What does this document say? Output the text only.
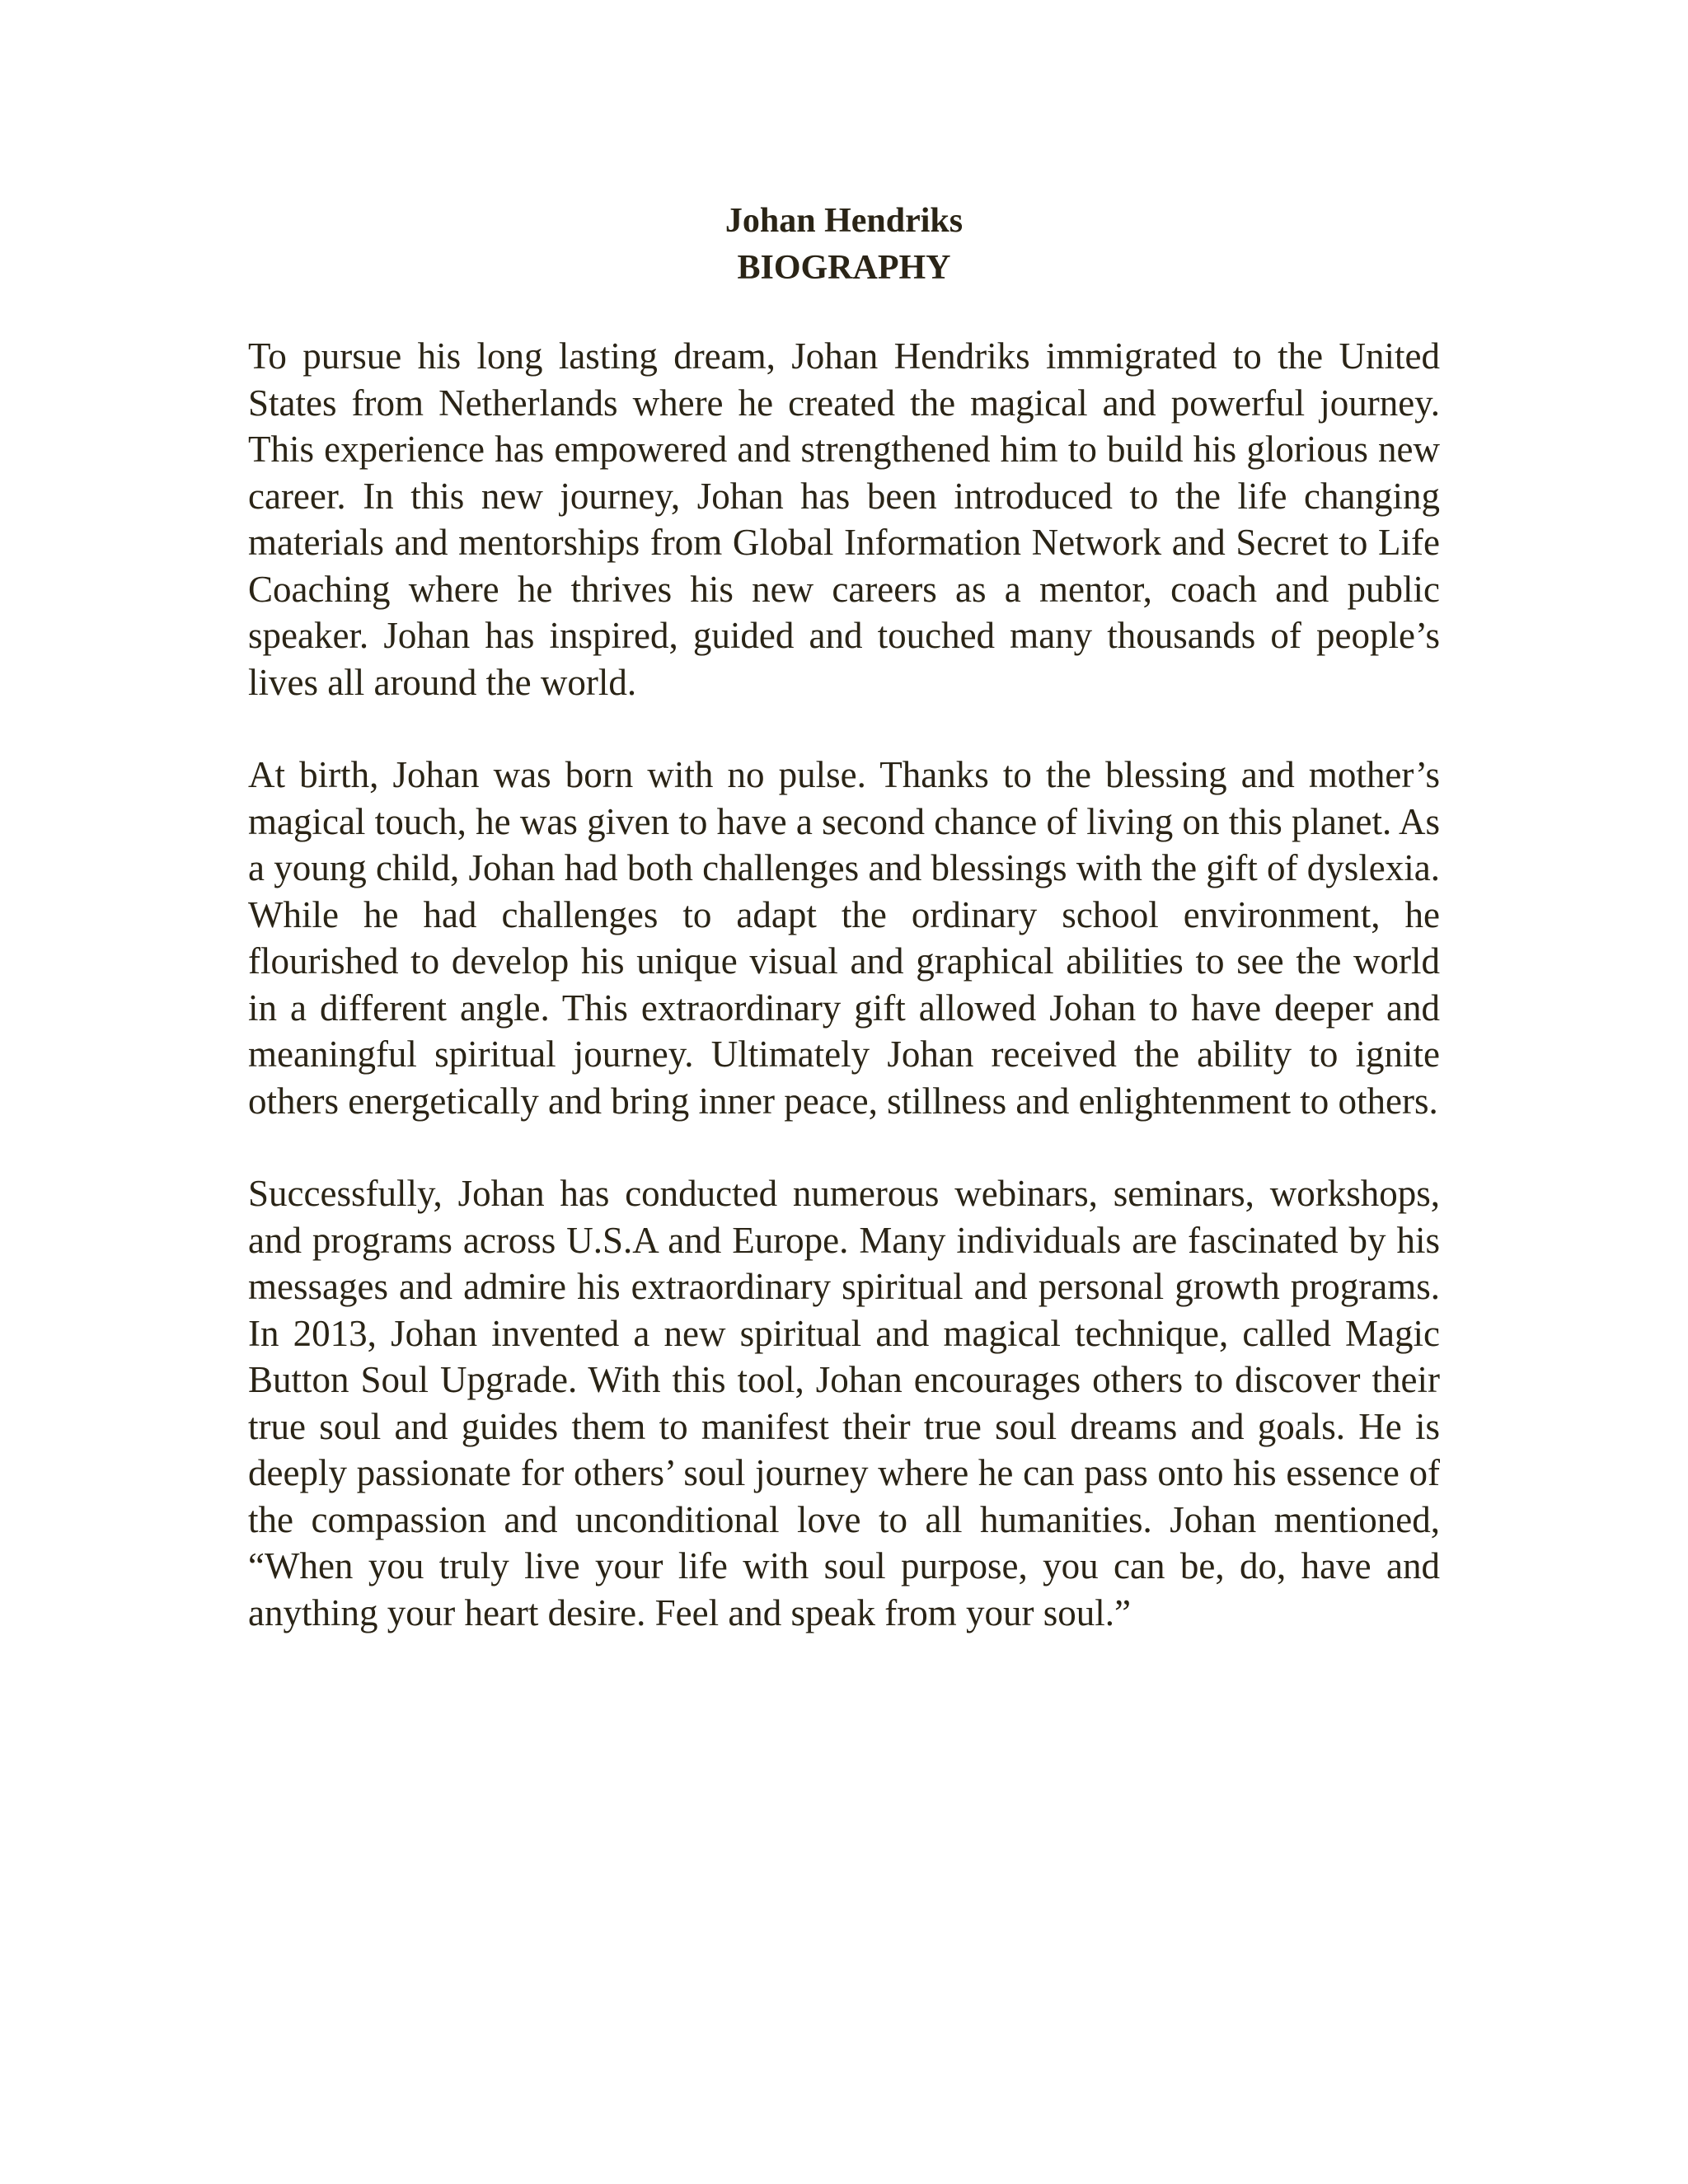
Johan Hendriks
BIOGRAPHY

To pursue his long lasting dream, Johan Hendriks immigrated to the United States from Netherlands where he created the magical and powerful journey. This experience has empowered and strengthened him to build his glorious new career. In this new journey, Johan has been introduced to the life changing materials and mentorships from Global Information Network and Secret to Life Coaching where he thrives his new careers as a mentor, coach and public speaker. Johan has inspired, guided and touched many thousands of people’s lives all around the world.

At birth, Johan was born with no pulse. Thanks to the blessing and mother’s magical touch, he was given to have a second chance of living on this planet. As a young child, Johan had both challenges and blessings with the gift of dyslexia. While he had challenges to adapt the ordinary school environment, he flourished to develop his unique visual and graphical abilities to see the world in a different angle. This extraordinary gift allowed Johan to have deeper and meaningful spiritual journey. Ultimately Johan received the ability to ignite others energetically and bring inner peace, stillness and enlightenment to others.

Successfully, Johan has conducted numerous webinars, seminars, workshops, and programs across U.S.A and Europe. Many individuals are fascinated by his messages and admire his extraordinary spiritual and personal growth programs. In 2013, Johan invented a new spiritual and magical technique, called Magic Button Soul Upgrade. With this tool, Johan encourages others to discover their true soul and guides them to manifest their true soul dreams and goals. He is deeply passionate for others’ soul journey where he can pass onto his essence of the compassion and unconditional love to all humanities. Johan mentioned, “When you truly live your life with soul purpose, you can be, do, have and anything your heart desire. Feel and speak from your soul.”
